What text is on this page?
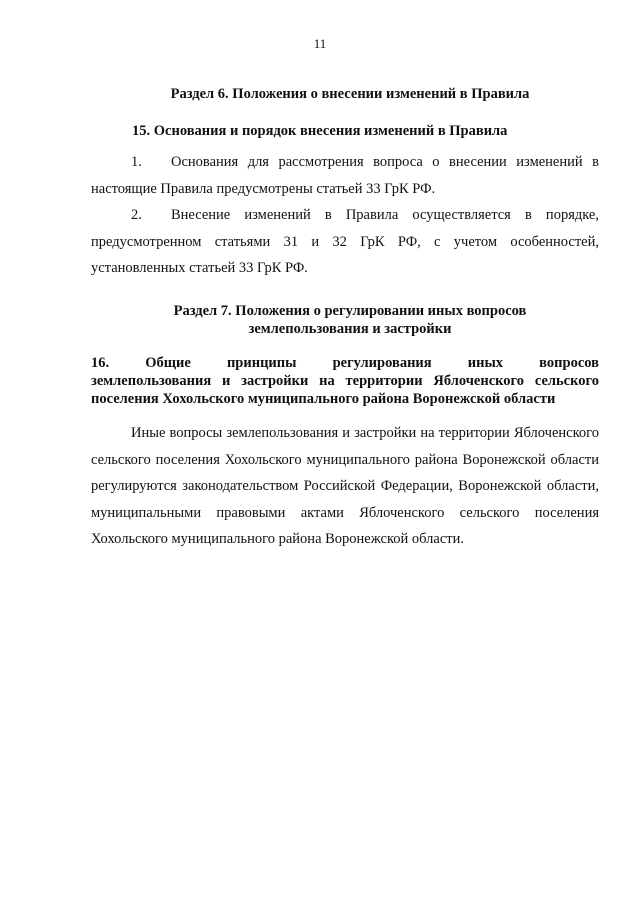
11
Раздел 6. Положения о внесении изменений в Правила
15. Основания и порядок внесения изменений в Правила
1. Основания для рассмотрения вопроса о внесении изменений в настоящие Правила предусмотрены статьей 33 ГрК РФ.
2. Внесение изменений в Правила осуществляется в порядке, предусмотренном статьями 31 и 32 ГрК РФ, с учетом особенностей, установленных статьей 33 ГрК РФ.
Раздел 7. Положения о регулировании иных вопросов
землепользования и застройки
16. Общие принципы регулирования иных вопросов
землепользования и застройки на территории Яблоченского сельского поселения Хохольского муниципального района Воронежской области
Иные вопросы землепользования и застройки на территории Яблоченского сельского поселения Хохольского муниципального района Воронежской области регулируются законодательством Российской Федерации, Воронежской области, муниципальными правовыми актами Яблоченского сельского поселения Хохольского муниципального района Воронежской области.
